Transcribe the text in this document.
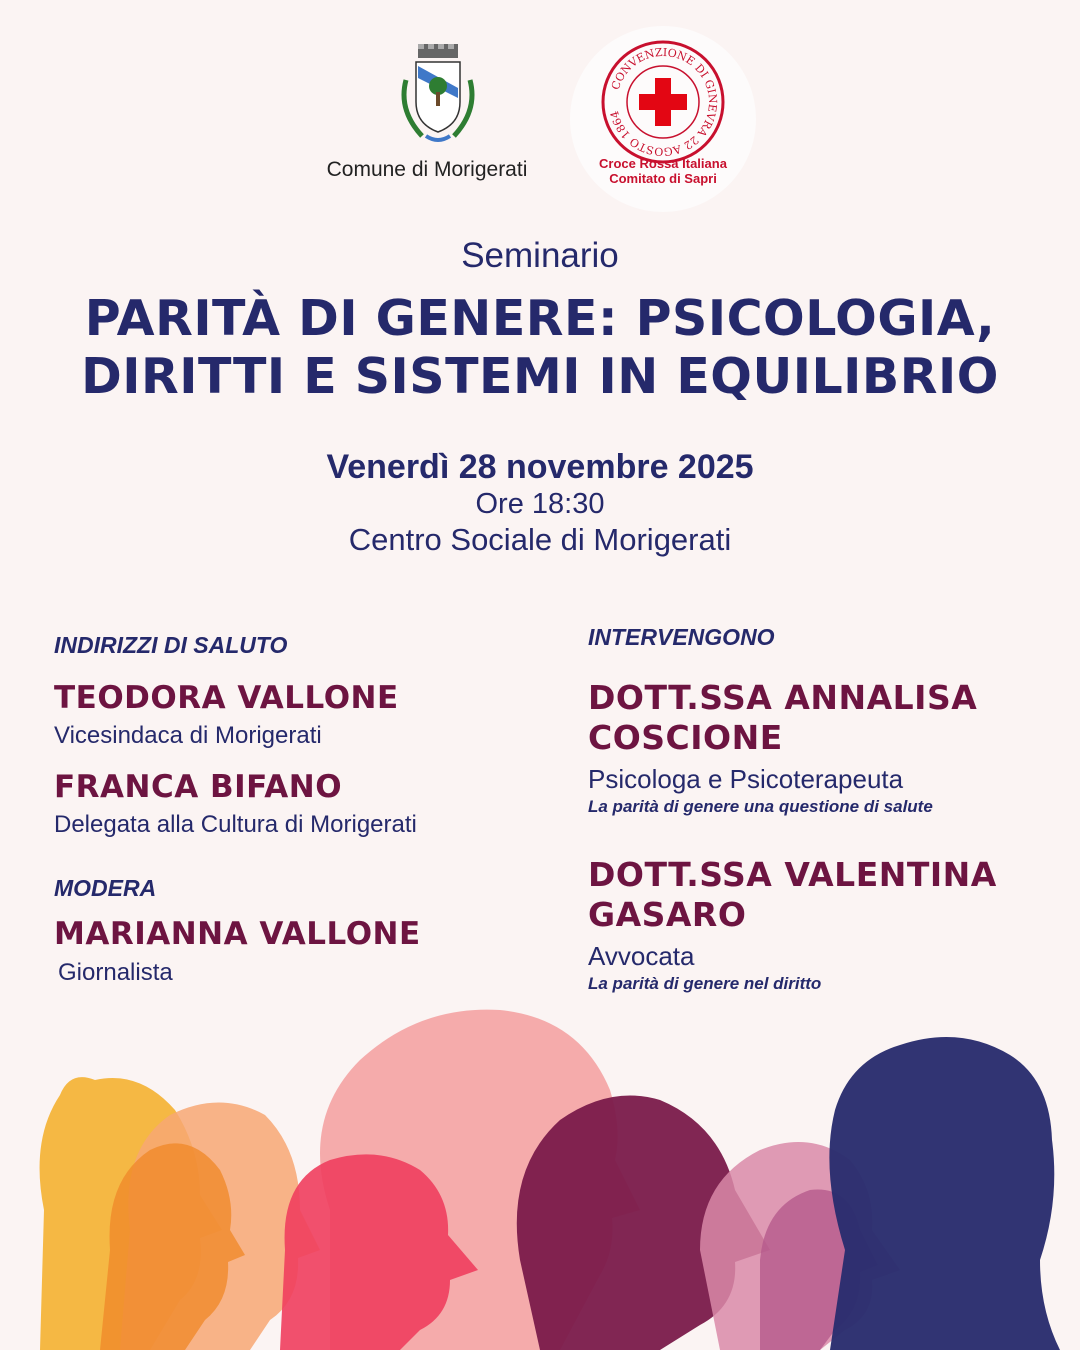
Comune di Morigerati
CONVENZIONE DI GINEVRA 22 AGOSTO 1864
Croce Rossa Italiana
Comitato di Sapri
Seminario
PARITÀ DI GENERE: PSICOLOGIA,
DIRITTI E SISTEMI IN EQUILIBRIO
Venerdì 28 novembre 2025
Ore 18:30
Centro Sociale di Morigerati
INDIRIZZI DI SALUTO
TEODORA VALLONE
Vicesindaca di Morigerati
FRANCA BIFANO
Delegata alla Cultura di Morigerati
MODERA
MARIANNA VALLONE
Giornalista
INTERVENGONO
DOTT.SSA ANNALISA
COSCIONE
Psicologa e Psicoterapeuta
La parità di genere una questione di salute
DOTT.SSA VALENTINA
GASARO
Avvocata
La parità di genere nel diritto
